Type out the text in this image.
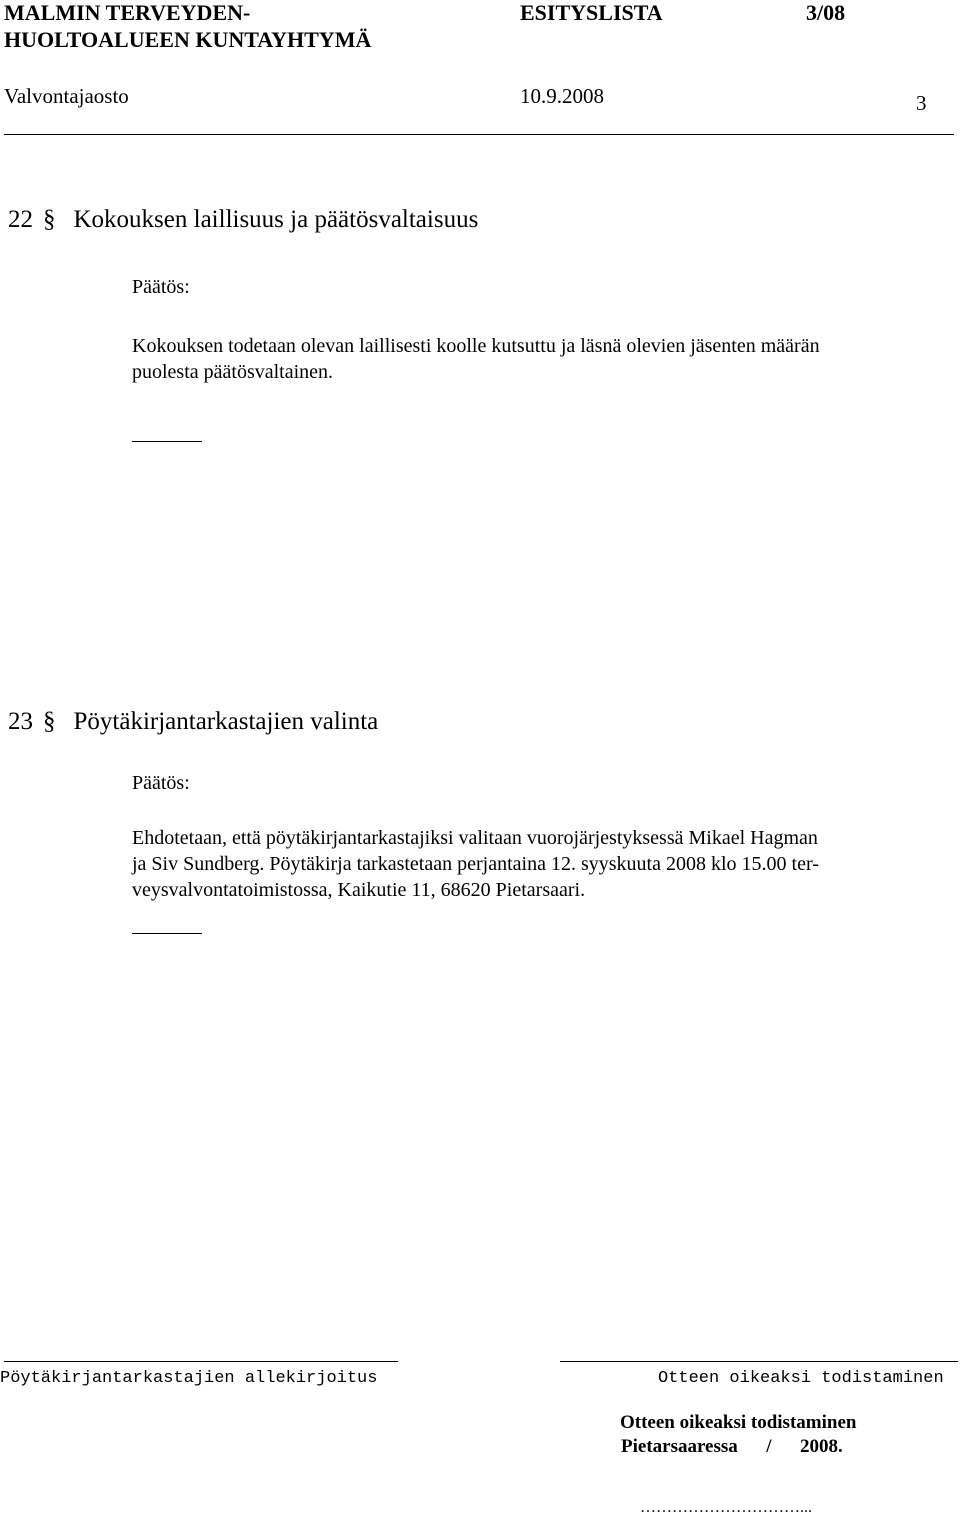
MALMIN TERVEYDEN-
HUOLTOALUEEN KUNTAYHTYMÄ
ESITYSLISTA	3/08
Valvontajaosto	10.9.2008	3
22 § Kokouksen laillisuus ja päätösvaltaisuus
Päätös:

Kokouksen todetaan olevan laillisesti koolle kutsuttu ja läsnä olevien jäsenten määrän

puolesta päätösvaltainen.

23 § Pöytäkirjantarkastajien valinta
Päätös:

Ehdotetaan, että pöytäkirjantarkastajiksi valitaan vuorojärjestyksessä Mikael Hagman

ja Siv Sundberg. Pöytäkirja tarkastetaan perjantaina 12. syyskuuta 2008 klo 15.00 ter-

veysvalvontatoimistossa, Kaikutie 11, 68620 Pietarsaari.

Pöytäkirjantarkastajien allekirjoitus	Otteen oikeaksi todistaminen
Otteen oikeaksi todistaminen
Pietarsaaressa      /      2008.
…………………………...
